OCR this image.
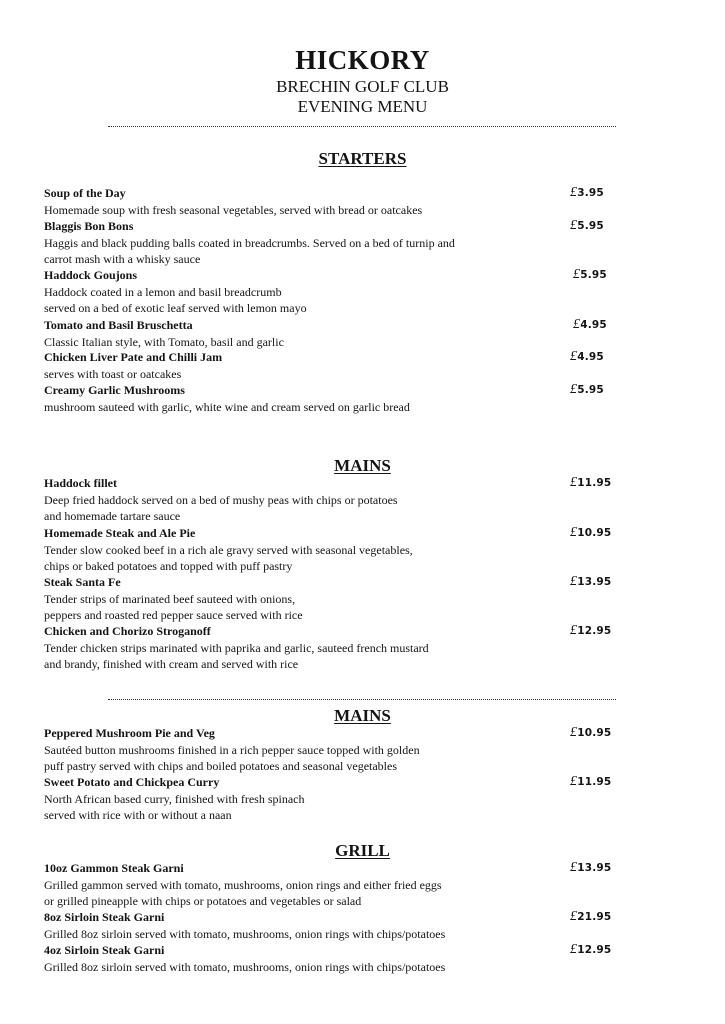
HICKORY
BRECHIN GOLF CLUB
EVENING MENU
STARTERS
Soup of the Day
Homemade soup with fresh seasonal vegetables, served with bread or oatcakes
£3.95
Blaggis Bon Bons
Haggis and black pudding balls coated in breadcrumbs. Served on a bed of turnip and
carrot mash with a whisky sauce
£5.95
Haddock Goujons
Haddock coated in a lemon and basil breadcrumb
served on a bed of exotic leaf served with lemon mayo
£5.95
Tomato and Basil Bruschetta
Classic Italian style, with Tomato, basil and garlic
£4.95
Chicken Liver Pate and Chilli Jam
serves with toast or oatcakes
£4.95
Creamy Garlic Mushrooms
mushroom sauteed with garlic, white wine and cream served on garlic bread
£5.95
MAINS
Haddock fillet
Deep fried haddock served on a bed of mushy peas with chips or potatoes
and homemade tartare sauce
£11.95
Homemade Steak and Ale Pie
Tender slow cooked beef in a rich ale gravy served with seasonal vegetables,
chips or baked potatoes and topped with puff pastry
£10.95
Steak Santa Fe
Tender strips of marinated beef sauteed with onions,
peppers and roasted red pepper sauce served with rice
£13.95
Chicken and Chorizo Stroganoff
Tender chicken strips marinated with paprika and garlic, sauteed french mustard
and brandy, finished with cream and served with rice
£12.95
MAINS
Peppered Mushroom Pie and Veg
Sautéed button mushrooms finished in a rich pepper sauce topped with golden
puff pastry served with chips and boiled potatoes and seasonal vegetables
£10.95
Sweet Potato and Chickpea Curry
North African based curry, finished with fresh spinach
served with rice with or without a naan
£11.95
GRILL
10oz Gammon Steak Garni
Grilled gammon served with tomato, mushrooms, onion rings and either fried eggs
or grilled pineapple with chips or potatoes and vegetables or salad
£13.95
8oz Sirloin Steak Garni
Grilled 8oz sirloin served with tomato, mushrooms, onion rings with chips/potatoes
£21.95
4oz Sirloin Steak Garni
Grilled 8oz sirloin served with tomato, mushrooms, onion rings with chips/potatoes
£12.95
